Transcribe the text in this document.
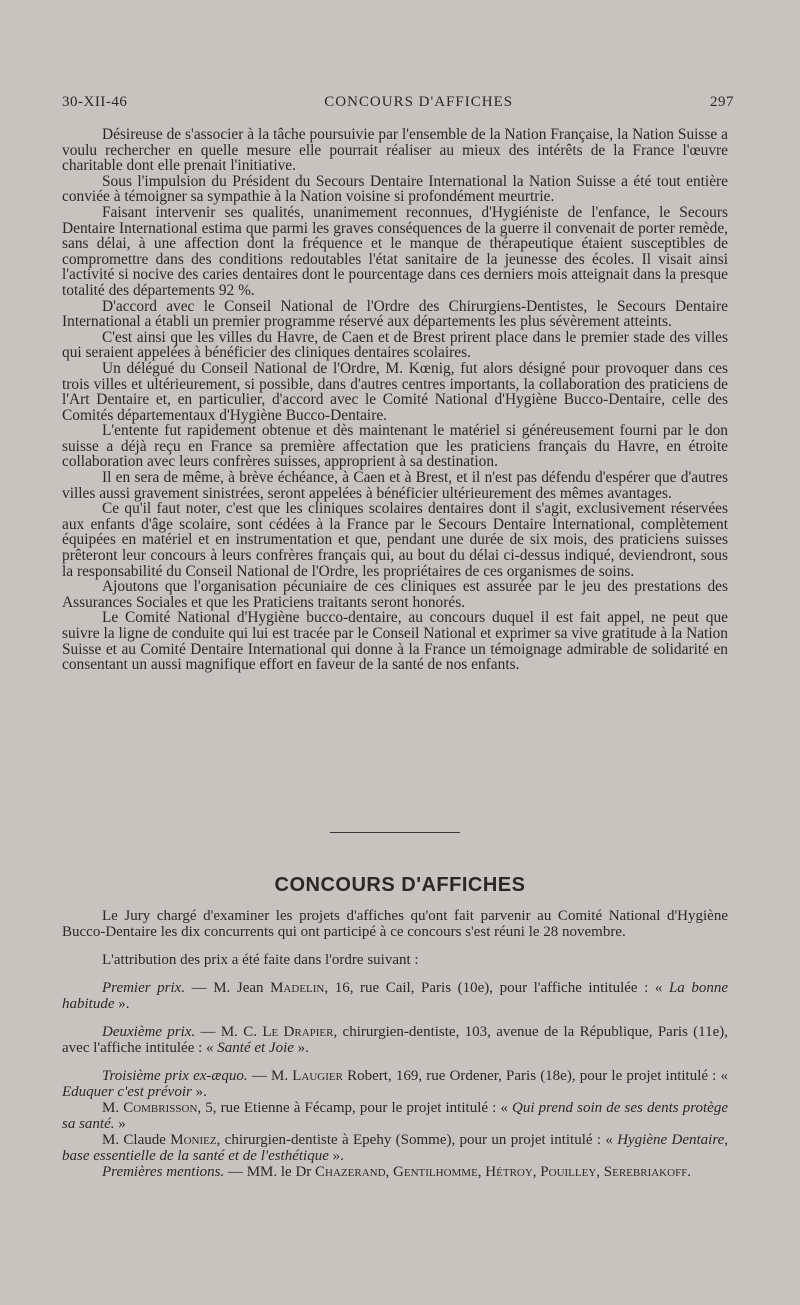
30-XII-46	CONCOURS D'AFFICHES	297

Désireuse de s'associer à la tâche poursuivie par l'ensemble de la Nation Française, la Nation Suisse a voulu rechercher en quelle mesure elle pourrait réaliser au mieux des intérêts de la France l'œuvre charitable dont elle prenait l'initiative.

Sous l'impulsion du Président du Secours Dentaire International la Nation Suisse a été tout entière conviée à témoigner sa sympathie à la Nation voisine si profondément meurtrie.

Faisant intervenir ses qualités, unanimement reconnues, d'Hygiéniste de l'enfance, le Secours Dentaire International estima que parmi les graves conséquences de la guerre il convenait de porter remède, sans délai, à une affection dont la fréquence et le manque de thérapeutique étaient susceptibles de compromettre dans des conditions redoutables l'état sanitaire de la jeunesse des écoles. Il visait ainsi l'activité si nocive des caries dentaires dont le pourcentage dans ces derniers mois atteignait dans la presque totalité des départements 92 %.

D'accord avec le Conseil National de l'Ordre des Chirurgiens-Dentistes, le Secours Dentaire International a établi un premier programme réservé aux départements les plus sévèrement atteints.

C'est ainsi que les villes du Havre, de Caen et de Brest prirent place dans le premier stade des villes qui seraient appelées à bénéficier des cliniques dentaires scolaires.

Un délégué du Conseil National de l'Ordre, M. Kœnig, fut alors désigné pour provoquer dans ces trois villes et ultérieurement, si possible, dans d'autres centres importants, la collaboration des praticiens de l'Art Dentaire et, en particulier, d'accord avec le Comité National d'Hygiène Bucco-Dentaire, celle des Comités départementaux d'Hygiène Bucco-Dentaire.

L'entente fut rapidement obtenue et dès maintenant le matériel si généreusement fourni par le don suisse a déjà reçu en France sa première affectation que les praticiens français du Havre, en étroite collaboration avec leurs confrères suisses, approprient à sa destination.

Il en sera de même, à brève échéance, à Caen et à Brest, et il n'est pas défendu d'espérer que d'autres villes aussi gravement sinistrées, seront appelées à bénéficier ultérieurement des mêmes avantages.

Ce qu'il faut noter, c'est que les cliniques scolaires dentaires dont il s'agit, exclusivement réservées aux enfants d'âge scolaire, sont cédées à la France par le Secours Dentaire International, complètement équipées en matériel et en instrumentation et que, pendant une durée de six mois, des praticiens suisses prêteront leur concours à leurs confrères français qui, au bout du délai ci-dessus indiqué, deviendront, sous la responsabilité du Conseil National de l'Ordre, les propriétaires de ces organismes de soins.

Ajoutons que l'organisation pécuniaire de ces cliniques est assurée par le jeu des prestations des Assurances Sociales et que les Praticiens traitants seront honorés.

Le Comité National d'Hygiène bucco-dentaire, au concours duquel il est fait appel, ne peut que suivre la ligne de conduite qui lui est tracée par le Conseil National et exprimer sa vive gratitude à la Nation Suisse et au Comité Dentaire International qui donne à la France un témoignage admirable de solidarité en consentant un aussi magnifique effort en faveur de la santé de nos enfants.

CONCOURS D'AFFICHES

Le Jury chargé d'examiner les projets d'affiches qu'ont fait parvenir au Comité National d'Hygiène Bucco-Dentaire les dix concurrents qui ont participé à ce concours s'est réuni le 28 novembre.

L'attribution des prix a été faite dans l'ordre suivant :

Premier prix. — M. Jean Madelin, 16, rue Cail, Paris (10e), pour l'affiche intitulée : « La bonne habitude ».

Deuxième prix. — M. C. Le Drapier, chirurgien-dentiste, 103, avenue de la République, Paris (11e), avec l'affiche intitulée : « Santé et Joie ».

Troisième prix ex-æquo. — M. Laugier Robert, 169, rue Ordener, Paris (18e), pour le projet intitulé : « Eduquer c'est prévoir ».

M. Combrisson, 5, rue Etienne à Fécamp, pour le projet intitulé : « Qui prend soin de ses dents protège sa santé. »

M. Claude Moniez, chirurgien-dentiste à Epehy (Somme), pour un projet intitulé : « Hygiène Dentaire, base essentielle de la santé et de l'esthétique ».

Premières mentions. — MM. le Dr Chazerand, Gentilhomme, Hétroy, Pouilley, Serebriakoff.
